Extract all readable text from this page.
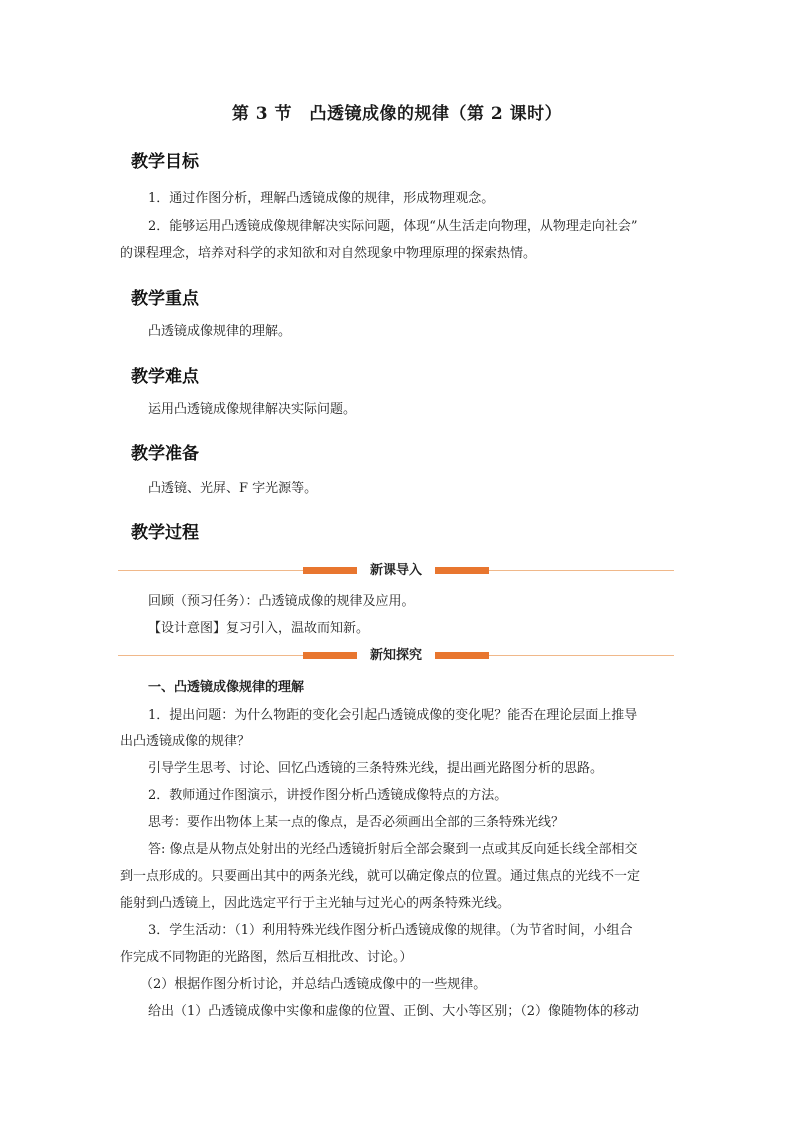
第 3 节　凸透镜成像的规律（第 2 课时）
教学目标
1．通过作图分析，理解凸透镜成像的规律，形成物理观念。
2．能够运用凸透镜成像规律解决实际问题，体现“从生活走向物理，从物理走向社会”
的课程理念，培养对科学的求知欲和对自然现象中物理原理的探索热情。
教学重点
凸透镜成像规律的理解。
教学难点
运用凸透镜成像规律解决实际问题。
教学准备
凸透镜、光屏、F 字光源等。
教学过程
新课导入
回顾（预习任务）：凸透镜成像的规律及应用。
【设计意图】复习引入，温故而知新。
新知探究
一、凸透镜成像规律的理解
1．提出问题：为什么物距的变化会引起凸透镜成像的变化呢？能否在理论层面上推导
出凸透镜成像的规律？
引导学生思考、讨论、回忆凸透镜的三条特殊光线，提出画光路图分析的思路。
2．教师通过作图演示，讲授作图分析凸透镜成像特点的方法。
思考：要作出物体上某一点的像点，是否必须画出全部的三条特殊光线？
答: 像点是从物点处射出的光经凸透镜折射后全部会聚到一点或其反向延长线全部相交
到一点形成的。只要画出其中的两条光线，就可以确定像点的位置。通过焦点的光线不一定
能射到凸透镜上，因此选定平行于主光轴与过光心的两条特殊光线。
3．学生活动：（1）利用特殊光线作图分析凸透镜成像的规律。（为节省时间，小组合
作完成不同物距的光路图，然后互相批改、讨论。）
（2）根据作图分析讨论，并总结凸透镜成像中的一些规律。
给出（1）凸透镜成像中实像和虚像的位置、正倒、大小等区别；（2）像随物体的移动
